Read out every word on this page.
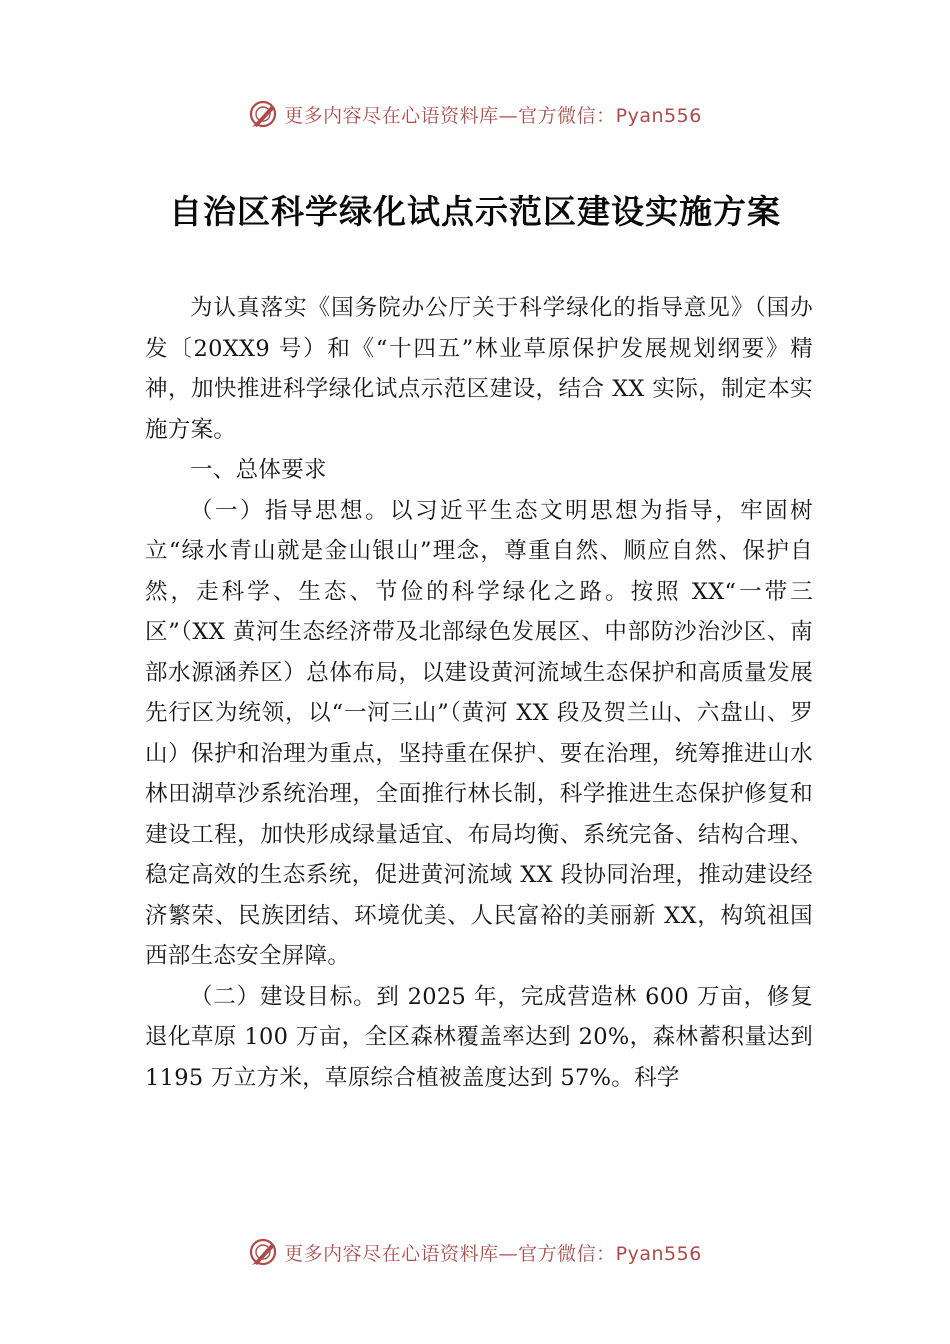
更多内容尽在心语资料库—官方微信：Pyan556
自治区科学绿化试点示范区建设实施方案

为认真落实《国务院办公厅关于科学绿化的指导意见》（国办发〔20XX9 号）和《“十四五”林业草原保护发展规划纲要》精神，加快推进科学绿化试点示范区建设，结合 XX 实际，制定本实施方案。

一、总体要求

（一）指导思想。以习近平生态文明思想为指导，牢固树立“绿水青山就是金山银山”理念，尊重自然、顺应自然、保护自然，走科学、生态、节俭的科学绿化之路。按照 XX“一带三区”（XX 黄河生态经济带及北部绿色发展区、中部防沙治沙区、南部水源涵养区）总体布局，以建设黄河流域生态保护和高质量发展先行区为统领，以“一河三山”（黄河 XX 段及贺兰山、六盘山、罗山）保护和治理为重点，坚持重在保护、要在治理，统筹推进山水林田湖草沙系统治理，全面推行林长制，科学推进生态保护修复和建设工程，加快形成绿量适宜、布局均衡、系统完备、结构合理、稳定高效的生态系统，促进黄河流域 XX 段协同治理，推动建设经济繁荣、民族团结、环境优美、人民富裕的美丽新 XX，构筑祖国西部生态安全屏障。

（二）建设目标。到 2025 年，完成营造林 600 万亩，修复退化草原 100 万亩，全区森林覆盖率达到 20%，森林蓄积量达到 1195 万立方米，草原综合植被盖度达到 57%。科学

更多内容尽在心语资料库—官方微信：Pyan556
